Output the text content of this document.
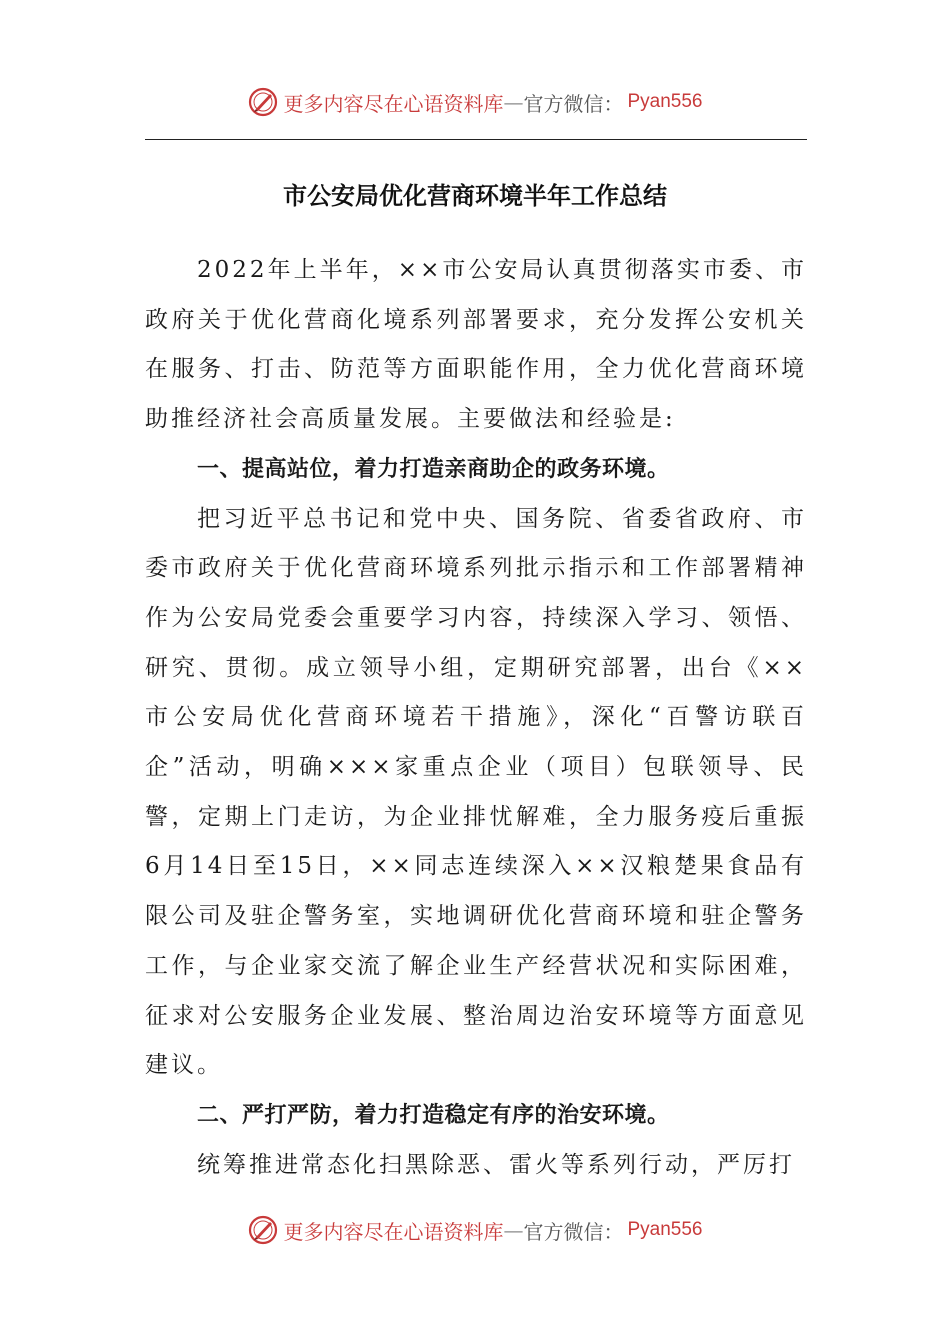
更多内容尽在心语资料库 — 官方微信： Pyan556
市公安局优化营商环境半年工作总结

2022年上半年，××市公安局认真贯彻落实市委、市政府关于优化营商化境系列部署要求，充分发挥公安机关在服务、打击、防范等方面职能作用，全力优化营商环境助推经济社会高质量发展。主要做法和经验是:

一、提高站位，着力打造亲商助企的政务环境。

把习近平总书记和党中央、国务院、省委省政府、市委市政府关于优化营商环境系列批示指示和工作部署精神作为公安局党委会重要学习内容，持续深入学习、领悟、研究、贯彻。成立领导小组，定期研究部署，出台《××市公安局优化营商环境若干措施》，深化“百警访联百企”活动，明确×××家重点企业（项目）包联领导、民警，定期上门走访，为企业排忧解难，全力服务疫后重振6月14日至15日，××同志连续深入××汉粮楚果食品有限公司及驻企警务室，实地调研优化营商环境和驻企警务工作，与企业家交流了解企业生产经营状况和实际困难，征求对公安服务企业发展、整治周边治安环境等方面意见建议。

二、严打严防，着力打造稳定有序的治安环境。

统筹推进常态化扫黑除恶、雷火等系列行动，严厉打

更多内容尽在心语资料库 — 官方微信： Pyan556
